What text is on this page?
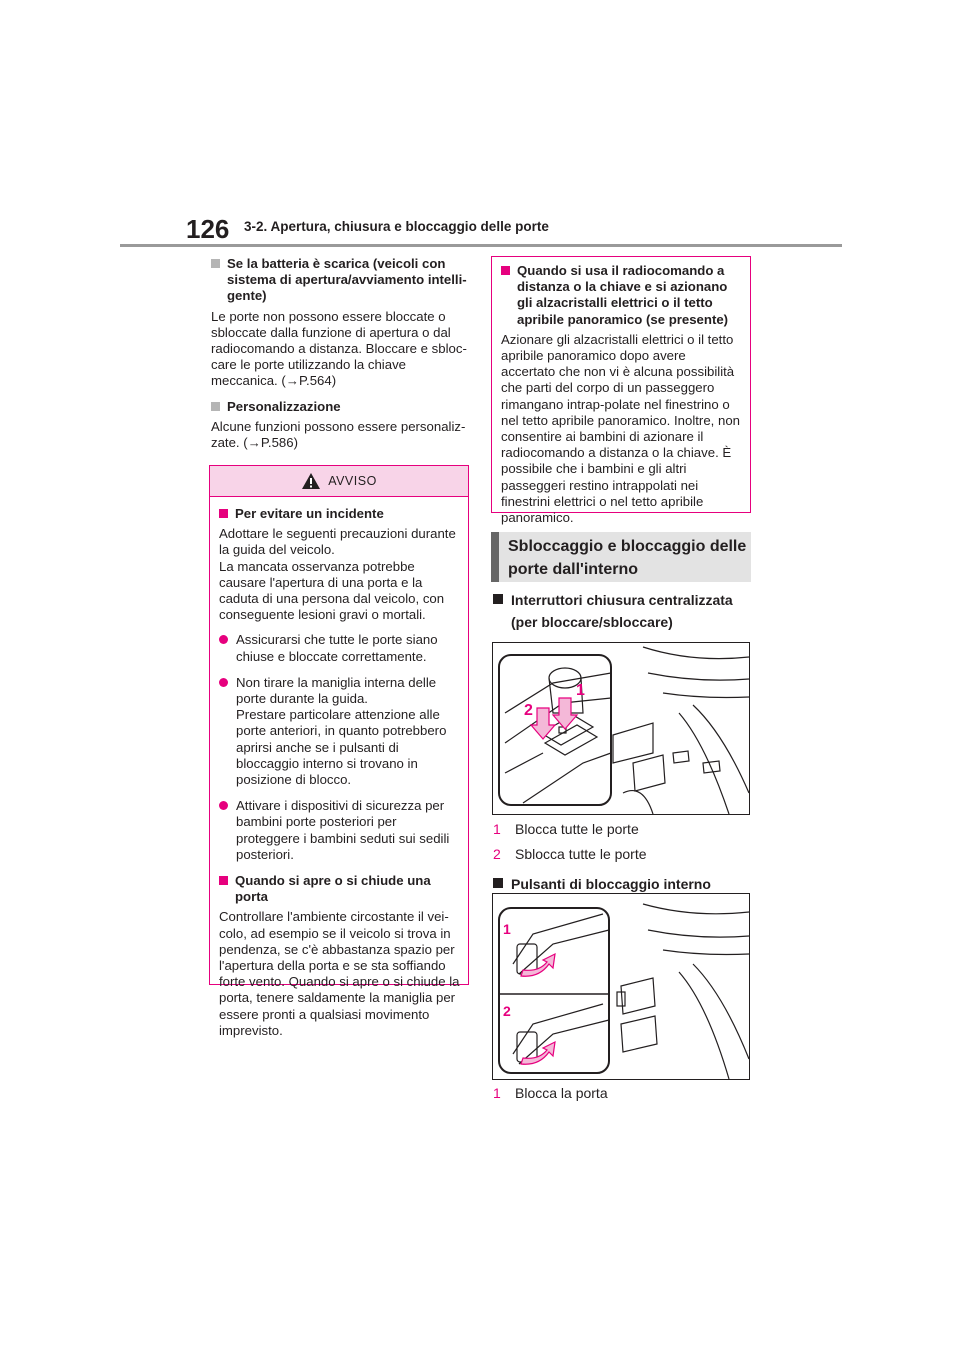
126 3-2. Apertura, chiusura e bloccaggio delle porte
Se la batteria è scarica (veicoli con sistema di apertura/avviamento intelli-gente)
Le porte non possono essere bloccate o sbloccate dalla funzione di apertura o dal radiocomando a distanza. Bloccare e sbloc-care le porte utilizzando la chiave meccanica. (→P.564)
Personalizzazione
Alcune funzioni possono essere personaliz-zate. (→P.586)
AVVISO
Per evitare un incidente
Adottare le seguenti precauzioni durante la guida del veicolo.
La mancata osservanza potrebbe causare l'apertura di una porta e la caduta di una persona dal veicolo, con conseguente lesioni gravi o mortali.
Assicurarsi che tutte le porte siano chiuse e bloccate correttamente.
Non tirare la maniglia interna delle porte durante la guida.
Prestare particolare attenzione alle porte anteriori, in quanto potrebbero aprirsi anche se i pulsanti di bloccaggio interno si trovano in posizione di blocco.
Attivare i dispositivi di sicurezza per bambini porte posteriori per proteggere i bambini seduti sui sedili posteriori.
Quando si apre o si chiude una porta
Controllare l'ambiente circostante il vei-colo, ad esempio se il veicolo si trova in pendenza, se c'è abbastanza spazio per l'apertura della porta e se sta soffiando forte vento. Quando si apre o si chiude la porta, tenere saldamente la maniglia per essere pronti a qualsiasi movimento imprevisto.
Quando si usa il radiocomando a distanza o la chiave e si azionano gli alzacristalli elettrici o il tetto apribile panoramico (se presente)
Azionare gli alzacristalli elettrici o il tetto apribile panoramico dopo avere accertato che non vi è alcuna possibilità che parti del corpo di un passeggero rimangano intrap-polate nel finestrino o nel tetto apribile panoramico. Inoltre, non consentire ai bambini di azionare il radiocomando a distanza o la chiave. È possibile che i bambini e gli altri passeggeri restino intrappolati nei finestrini elettrici o nel tetto apribile panoramico.
Sbloccaggio e bloccaggio delle porte dall'interno
Interruttori chiusura centralizzata (per bloccare/sbloccare)
1
2
1 Blocca tutte le porte
2 Sblocca tutte le porte
Pulsanti di bloccaggio interno
1
2
1 Blocca la porta
